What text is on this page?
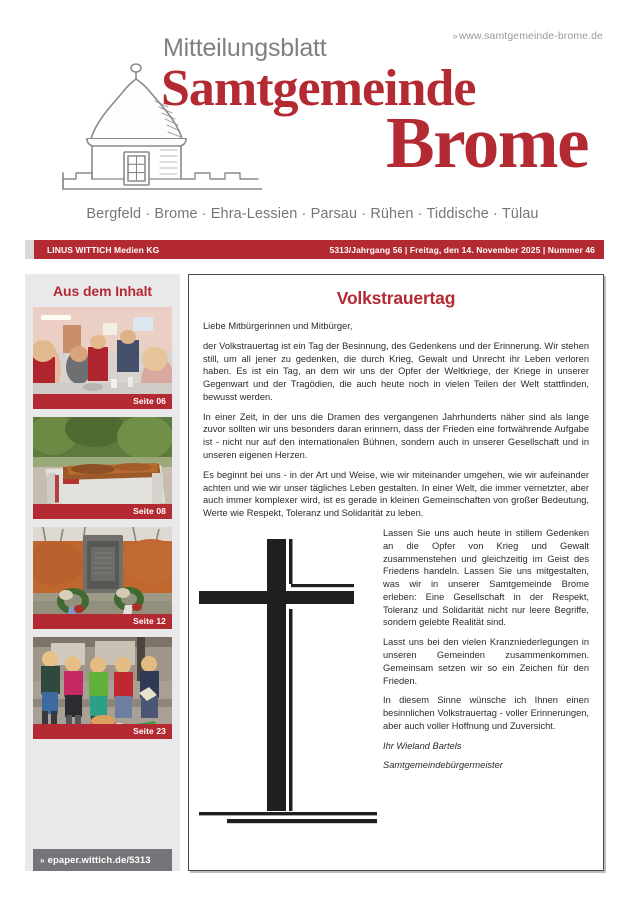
»www.samtgemeinde-brome.de
Mitteilungsblatt
Samtgemeinde
Brome
Bergfeld · Brome · Ehra-Lessien · Parsau · Rühen · Tiddische · Tülau
LINUS WITTICH Medien KG	5313/Jahrgang 56 | Freitag, den 14. November 2025 | Nummer 46
Aus dem Inhalt
Seite 06
Seite 08
Seite 12
Seite 23
» epaper.wittich.de/5313
Volkstrauertag

Liebe Mitbürgerinnen und Mitbürger,

der Volkstrauertag ist ein Tag der Besinnung, des Gedenkens und der Erinnerung. Wir stehen still, um all jener zu gedenken, die durch Krieg, Gewalt und Unrecht ihr Leben verloren haben. Es ist ein Tag, an dem wir uns der Opfer der Weltkriege, der Kriege in unserer Gegenwart und der Tragödien, die auch heute noch in vielen Teilen der Welt stattfinden, bewusst werden.

In einer Zeit, in der uns die Dramen des vergangenen Jahrhunderts näher sind als lange zuvor sollten wir uns besonders daran erinnern, dass der Frieden eine fortwährende Aufgabe ist - nicht nur auf den internationalen Bühnen, sondern auch in unserer Gesellschaft und in unseren eigenen Herzen.

Es beginnt bei uns - in der Art und Weise, wie wir miteinander umgehen, wie wir aufeinander achten und wie wir unser tägliches Leben gestalten. In einer Welt, die immer vernetzter, aber auch immer komplexer wird, ist es gerade in kleinen Gemeinschaften von großer Bedeutung, Werte wie Respekt, Toleranz und Solidarität zu leben.

Lassen Sie uns auch heute in stillem Gedenken an die Opfer von Krieg und Gewalt zusammenstehen und gleichzeitig im Geist des Friedens handeln. Lassen Sie uns mitgestalten, was wir in unserer Samtgemeinde Brome erleben: Eine Gesellschaft in der Respekt, Toleranz und Solidarität nicht nur leere Begriffe, sondern gelebte Realität sind.

Lasst uns bei den vielen Kranzniederlegungen in unseren Gemeinden zusammenkommen. Gemeinsam setzen wir so ein Zeichen für den Frieden.

In diesem Sinne wünsche ich Ihnen einen besinnlichen Volkstrauertag - voller Erinnerungen, aber auch voller Hoffnung und Zuversicht.

Ihr Wieland Bartels

Samtgemeindebürgermeister
